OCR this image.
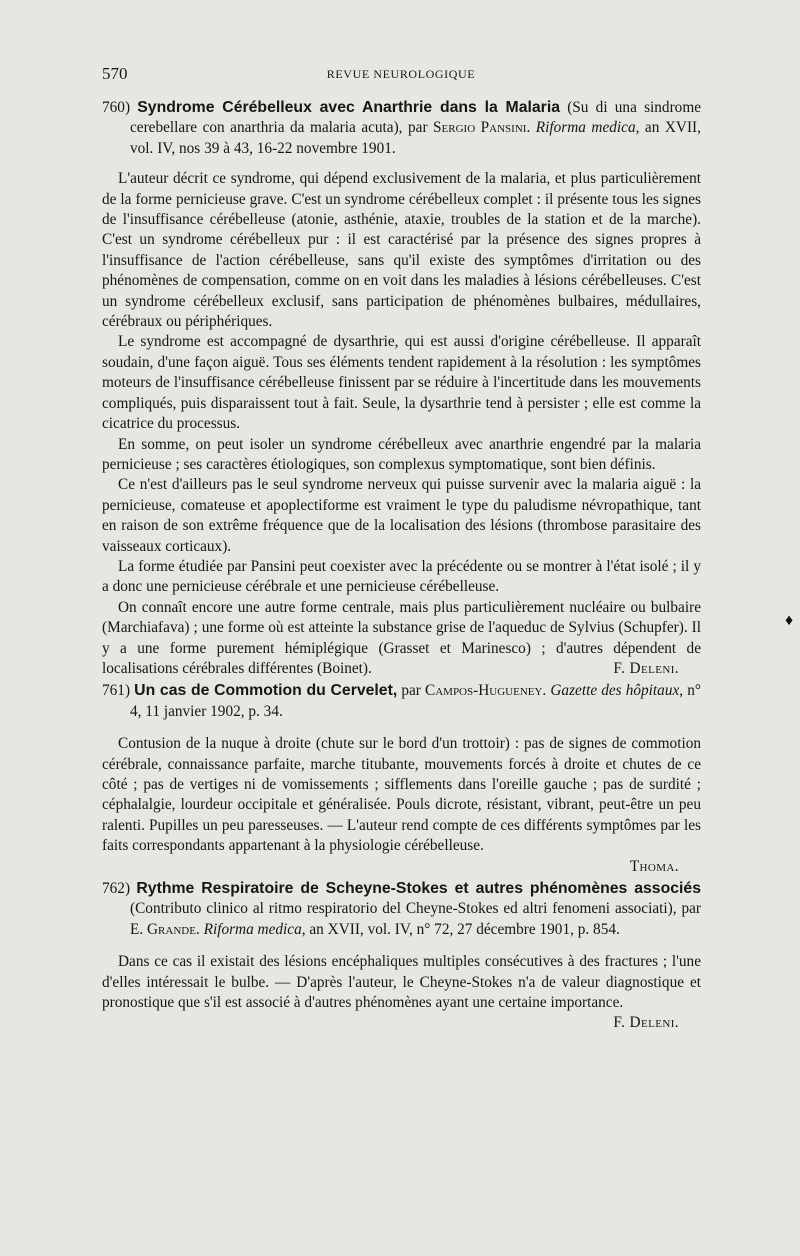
570	REVUE NEUROLOGIQUE

760) Syndrome Cérébelleux avec Anarthrie dans la Malaria (Su di una sindrome cerebellare con anarthria da malaria acuta), par Sergio Pansini. Riforma medica, an XVII, vol. IV, nos 39 à 43, 16-22 novembre 1901.

L'auteur décrit ce syndrome, qui dépend exclusivement de la malaria, et plus particulièrement de la forme pernicieuse grave. C'est un syndrome cérébelleux complet : il présente tous les signes de l'insuffisance cérébelleuse (atonie, asthénie, ataxie, troubles de la station et de la marche). C'est un syndrome cérébelleux pur : il est caractérisé par la présence des signes propres à l'insuffisance de l'action cérébelleuse, sans qu'il existe des symptômes d'irritation ou des phénomènes de compensation, comme on en voit dans les maladies à lésions cérébelleuses. C'est un syndrome cérébelleux exclusif, sans participation de phénomènes bulbaires, médullaires, cérébraux ou périphériques.

Le syndrome est accompagné de dysarthrie, qui est aussi d'origine cérébelleuse. Il apparaît soudain, d'une façon aiguë. Tous ses éléments tendent rapidement à la résolution : les symptômes moteurs de l'insuffisance cérébelleuse finissent par se réduire à l'incertitude dans les mouvements compliqués, puis disparaissent tout à fait. Seule, la dysarthrie tend à persister ; elle est comme la cicatrice du processus.

En somme, on peut isoler un syndrome cérébelleux avec anarthrie engendré par la malaria pernicieuse ; ses caractères étiologiques, son complexus symptomatique, sont bien définis.

Ce n'est d'ailleurs pas le seul syndrome nerveux qui puisse survenir avec la malaria aiguë : la pernicieuse, comateuse et apoplectiforme est vraiment le type du paludisme névropathique, tant en raison de son extrême fréquence que de la localisation des lésions (thrombose parasitaire des vaisseaux corticaux).

La forme étudiée par Pansini peut coexister avec la précédente ou se montrer à l'état isolé ; il y a donc une pernicieuse cérébrale et une pernicieuse cérébelleuse.

On connaît encore une autre forme centrale, mais plus particulièrement nucléaire ou bulbaire (Marchiafava) ; une forme où est atteinte la substance grise de l'aqueduc de Sylvius (Schupfer). Il y a une forme purement hémiplégique (Grasset et Marinesco) ; d'autres dépendent de localisations cérébrales différentes (Boinet).	F. Deleni.

761) Un cas de Commotion du Cervelet, par Campos-Hugueney. Gazette des hôpitaux, n° 4, 11 janvier 1902, p. 34.

Contusion de la nuque à droite (chute sur le bord d'un trottoir) : pas de signes de commotion cérébrale, connaissance parfaite, marche titubante, mouvements forcés à droite et chutes de ce côté ; pas de vertiges ni de vomissements ; sifflements dans l'oreille gauche ; pas de surdité ; céphalalgie, lourdeur occipitale et généralisée. Pouls dicrote, résistant, vibrant, peut-être un peu ralenti. Pupilles un peu paresseuses. — L'auteur rend compte de ces différents symptômes par les faits correspondants appartenant à la physiologie cérébelleuse.

Thoma.

762) Rythme Respiratoire de Scheyne-Stokes et autres phénomènes associés (Contributo clinico al ritmo respiratorio del Cheyne-Stokes ed altri fenomeni associati), par E. Grande. Riforma medica, an XVII, vol. IV, n° 72, 27 décembre 1901, p. 854.

Dans ce cas il existait des lésions encéphaliques multiples consécutives à des fractures ; l'une d'elles intéressait le bulbe. — D'après l'auteur, le Cheyne-Stokes n'a de valeur diagnostique et pronostique que s'il est associé à d'autres phénomènes ayant une certaine importance.
F. Deleni.

♦
